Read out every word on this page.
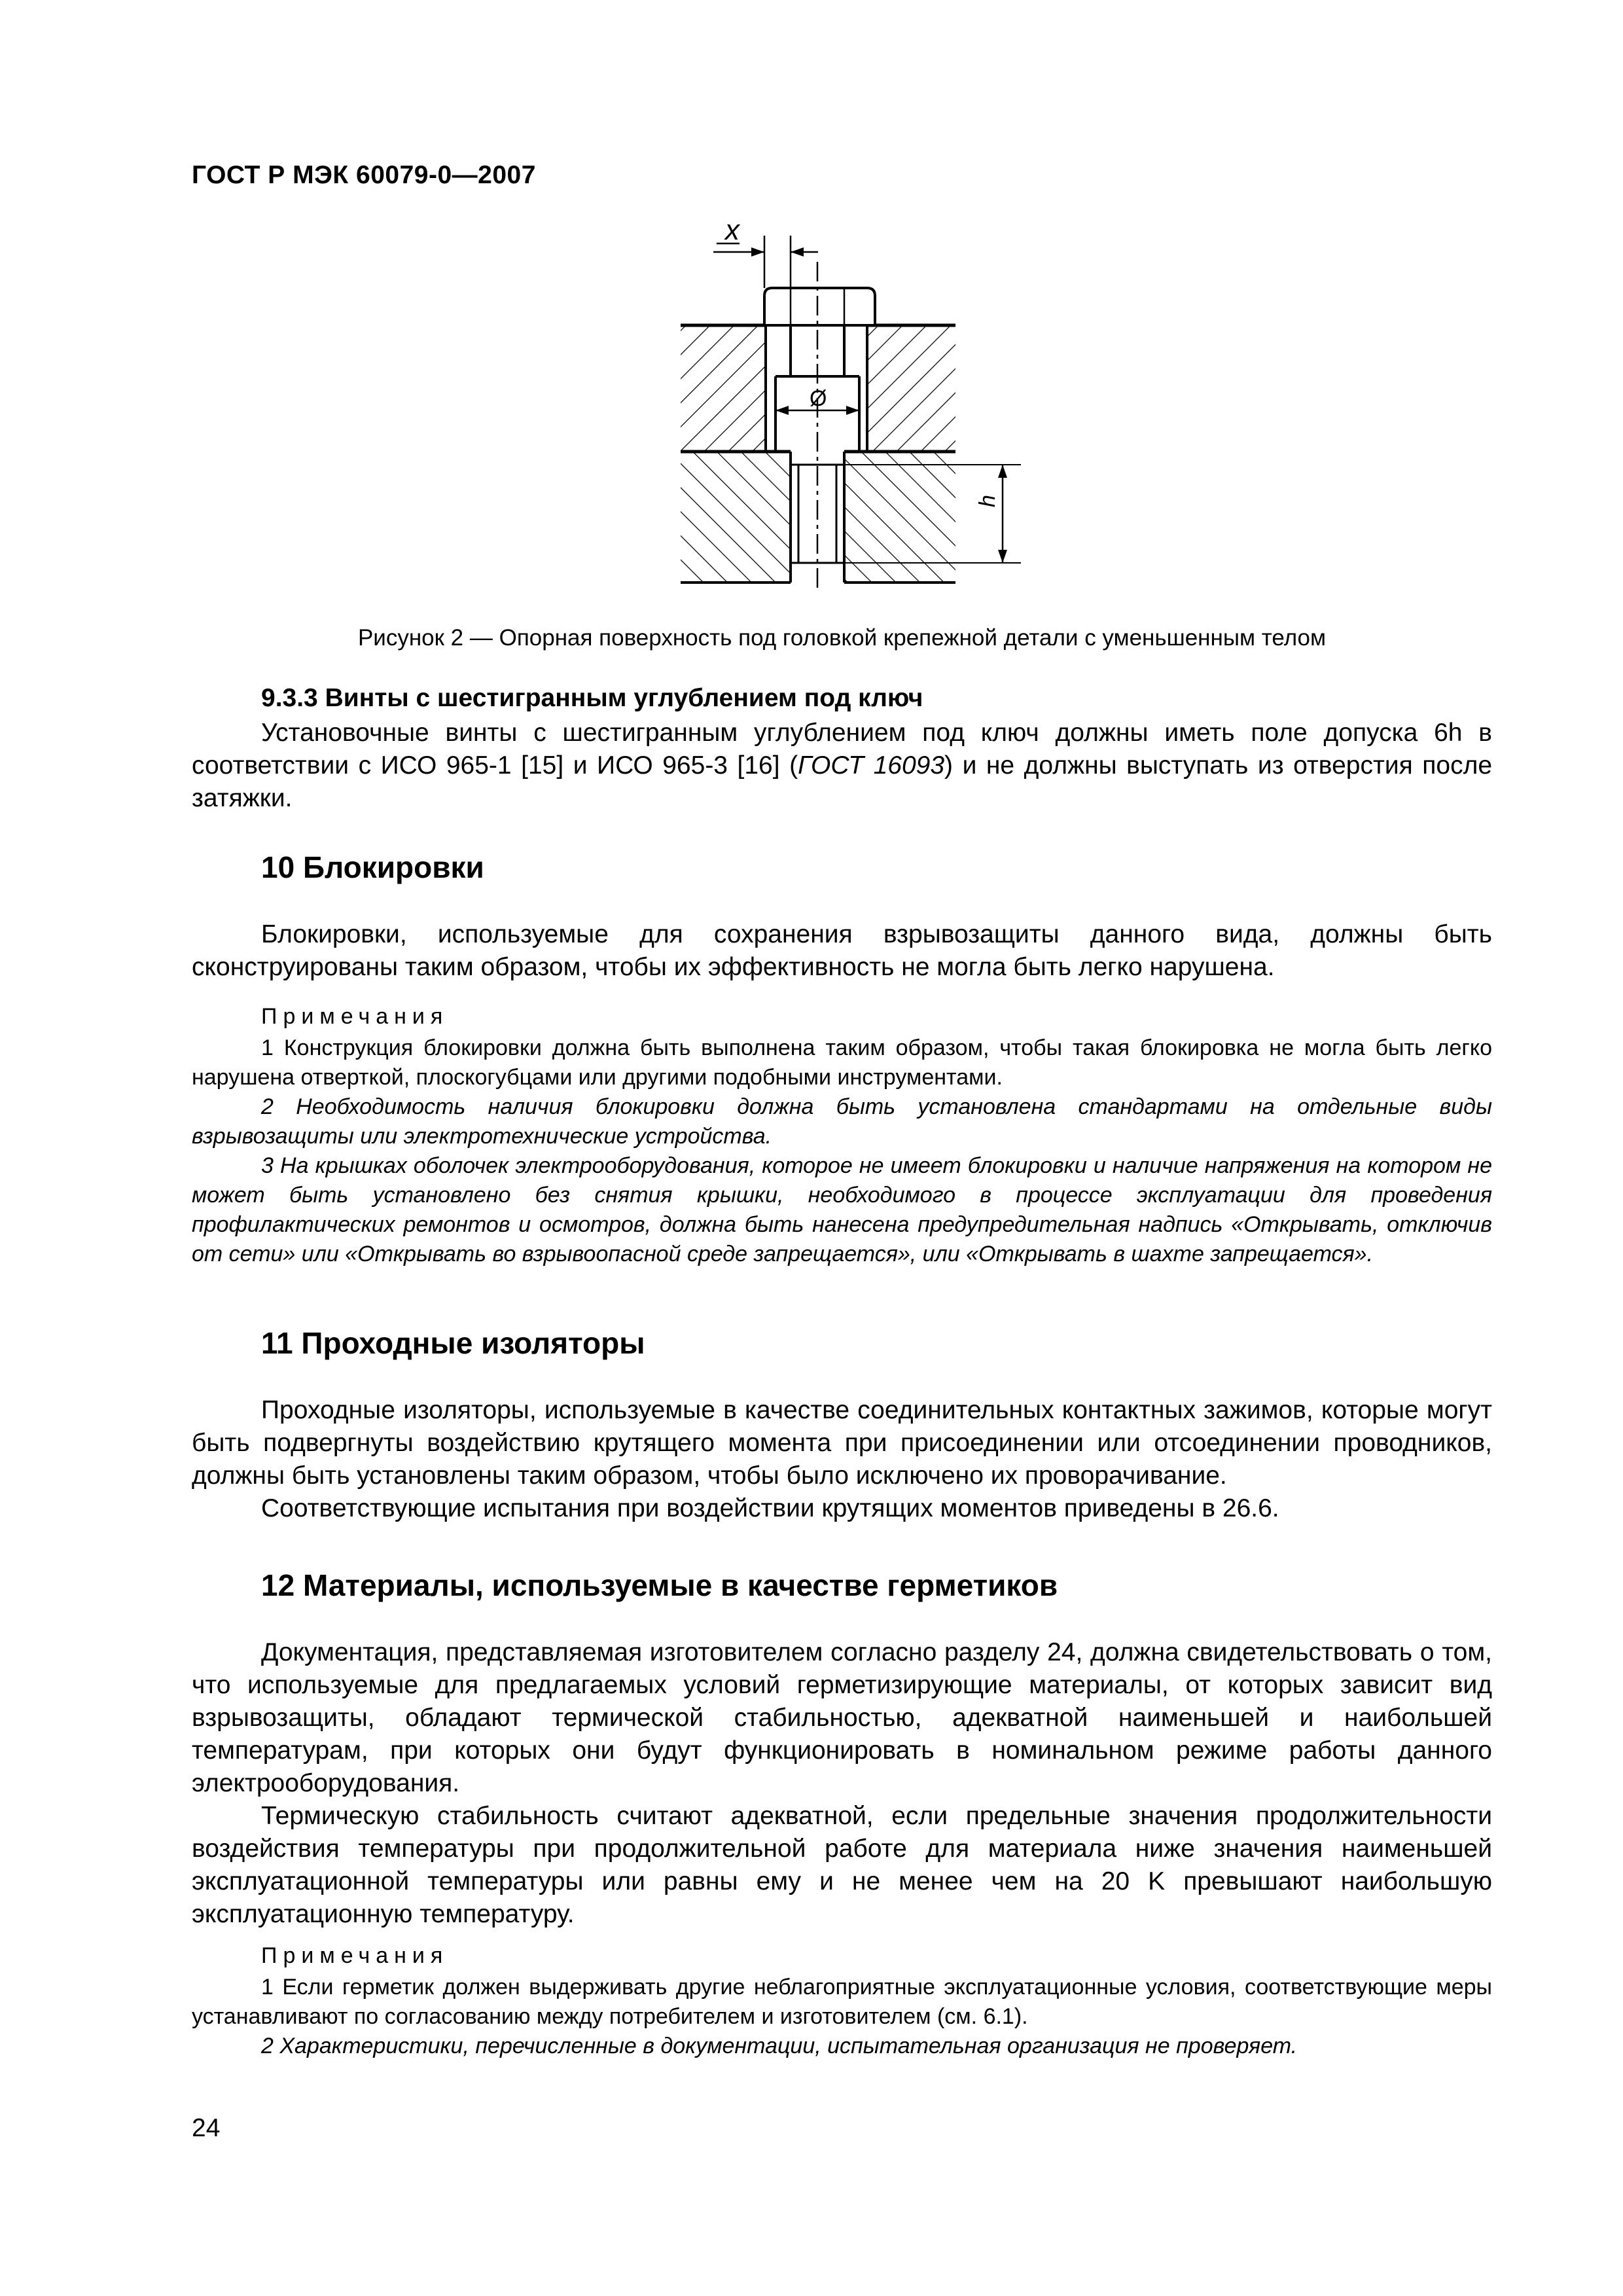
ГОСТ Р МЭК 60079-0—2007
x
Ø
h
Рисунок 2 — Опорная поверхность под головкой крепежной детали с уменьшенным телом
9.3.3 Винты с шестигранным углублением под ключ

Установочные винты с шестигранным углублением под ключ должны иметь поле допуска 6h в соответствии с ИСО 965-1 [15] и ИСО 965-3 [16] (ГОСТ 16093) и не должны выступать из отверстия после затяжки.

10 Блокировки

Блокировки, используемые для сохранения взрывозащиты данного вида, должны быть сконструированы таким образом, чтобы их эффективность не могла быть легко нарушена.

Примечания

1 Конструкция блокировки должна быть выполнена таким образом, чтобы такая блокировка не могла быть легко нарушена отверткой, плоскогубцами или другими подобными инструментами.

2 Необходимость наличия блокировки должна быть установлена стандартами на отдельные виды взрывозащиты или электротехнические устройства.

3 На крышках оболочек электрооборудования, которое не имеет блокировки и наличие напряжения на котором не может быть установлено без снятия крышки, необходимого в процессе эксплуатации для проведения профилактических ремонтов и осмотров, должна быть нанесена предупредительная надпись «Открывать, отключив от сети» или «Открывать во взрывоопасной среде запрещается», или «Открывать в шахте запрещается».

11 Проходные изоляторы

Проходные изоляторы, используемые в качестве соединительных контактных зажимов, которые могут быть подвергнуты воздействию крутящего момента при присоединении или отсоединении проводников, должны быть установлены таким образом, чтобы было исключено их проворачивание.

Соответствующие испытания при воздействии крутящих моментов приведены в 26.6.

12 Материалы, используемые в качестве герметиков

Документация, представляемая изготовителем согласно разделу 24, должна свидетельствовать о том, что используемые для предлагаемых условий герметизирующие материалы, от которых зависит вид взрывозащиты, обладают термической стабильностью, адекватной наименьшей и наибольшей температурам, при которых они будут функционировать в номинальном режиме работы данного электрооборудования.

Термическую стабильность считают адекватной, если предельные значения продолжительности воздействия температуры при продолжительной работе для материала ниже значения наименьшей эксплуатационной температуры или равны ему и не менее чем на 20 K превышают наибольшую эксплуатационную температуру.

Примечания

1 Если герметик должен выдерживать другие неблагоприятные эксплуатационные условия, соответствующие меры устанавливают по согласованию между потребителем и изготовителем (см. 6.1).

2 Характеристики, перечисленные в документации, испытательная организация не проверяет.

24
